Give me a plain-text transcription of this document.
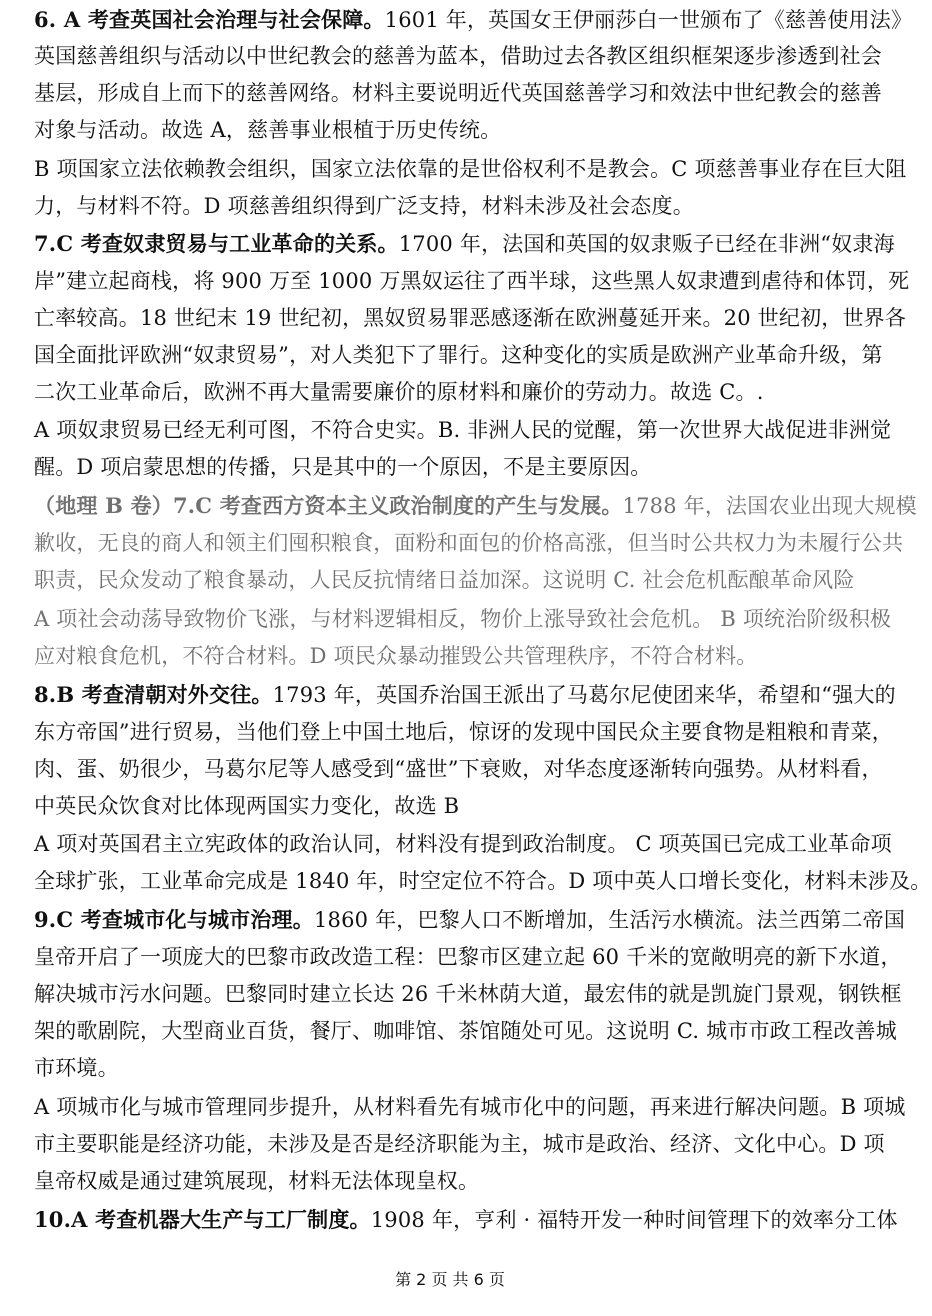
6. A 考查英国社会治理与社会保障。1601 年，英国女王伊丽莎白一世颁布了《慈善使用法》
英国慈善组织与活动以中世纪教会的慈善为蓝本，借助过去各教区组织框架逐步渗透到社会
基层，形成自上而下的慈善网络。材料主要说明近代英国慈善学习和效法中世纪教会的慈善
对象与活动。故选 A，慈善事业根植于历史传统。
B 项国家立法依赖教会组织，国家立法依靠的是世俗权利不是教会。C 项慈善事业存在巨大阻
力，与材料不符。D 项慈善组织得到广泛支持，材料未涉及社会态度。
7.C 考查奴隶贸易与工业革命的关系。1700 年，法国和英国的奴隶贩子已经在非洲“奴隶海
岸”建立起商栈，将 900 万至 1000 万黑奴运往了西半球，这些黑人奴隶遭到虐待和体罚，死
亡率较高。18 世纪末 19 世纪初，黑奴贸易罪恶感逐渐在欧洲蔓延开来。20 世纪初，世界各
国全面批评欧洲“奴隶贸易”，对人类犯下了罪行。这种变化的实质是欧洲产业革命升级，第
二次工业革命后，欧洲不再大量需要廉价的原材料和廉价的劳动力。故选 C。.
A 项奴隶贸易已经无利可图，不符合史实。B. 非洲人民的觉醒，第一次世界大战促进非洲觉
醒。D 项启蒙思想的传播，只是其中的一个原因，不是主要原因。
（地理 B 卷）7.C 考查西方资本主义政治制度的产生与发展。1788 年，法国农业出现大规模
歉收，无良的商人和领主们囤积粮食，面粉和面包的价格高涨，但当时公共权力为未履行公共
职责，民众发动了粮食暴动，人民反抗情绪日益加深。这说明 C. 社会危机酝酿革命风险
A 项社会动荡导致物价飞涨，与材料逻辑相反，物价上涨导致社会危机。 B 项统治阶级积极
应对粮食危机，不符合材料。D 项民众暴动摧毁公共管理秩序，不符合材料。
8.B 考查清朝对外交往。1793 年，英国乔治国王派出了马葛尔尼使团来华，希望和“强大的
东方帝国”进行贸易，当他们登上中国土地后，惊讶的发现中国民众主要食物是粗粮和青菜，
肉、蛋、奶很少，马葛尔尼等人感受到“盛世”下衰败，对华态度逐渐转向强势。从材料看，
中英民众饮食对比体现两国实力变化，故选 B
A 项对英国君主立宪政体的政治认同，材料没有提到政治制度。 C 项英国已完成工业革命项
全球扩张，工业革命完成是 1840 年，时空定位不符合。D 项中英人口增长变化，材料未涉及。
9.C 考查城市化与城市治理。1860 年，巴黎人口不断增加，生活污水横流。法兰西第二帝国
皇帝开启了一项庞大的巴黎市政改造工程：巴黎市区建立起 60 千米的宽敞明亮的新下水道，
解决城市污水问题。巴黎同时建立长达 26 千米林荫大道，最宏伟的就是凯旋门景观，钢铁框
架的歌剧院，大型商业百货，餐厅、咖啡馆、茶馆随处可见。这说明 C. 城市市政工程改善城
市环境。
A 项城市化与城市管理同步提升，从材料看先有城市化中的问题，再来进行解决问题。B 项城
市主要职能是经济功能，未涉及是否是经济职能为主，城市是政治、经济、文化中心。D 项
皇帝权威是通过建筑展现，材料无法体现皇权。
10.A 考查机器大生产与工厂制度。1908 年，亨利 · 福特开发一种时间管理下的效率分工体
第 2 页 共 6 页
